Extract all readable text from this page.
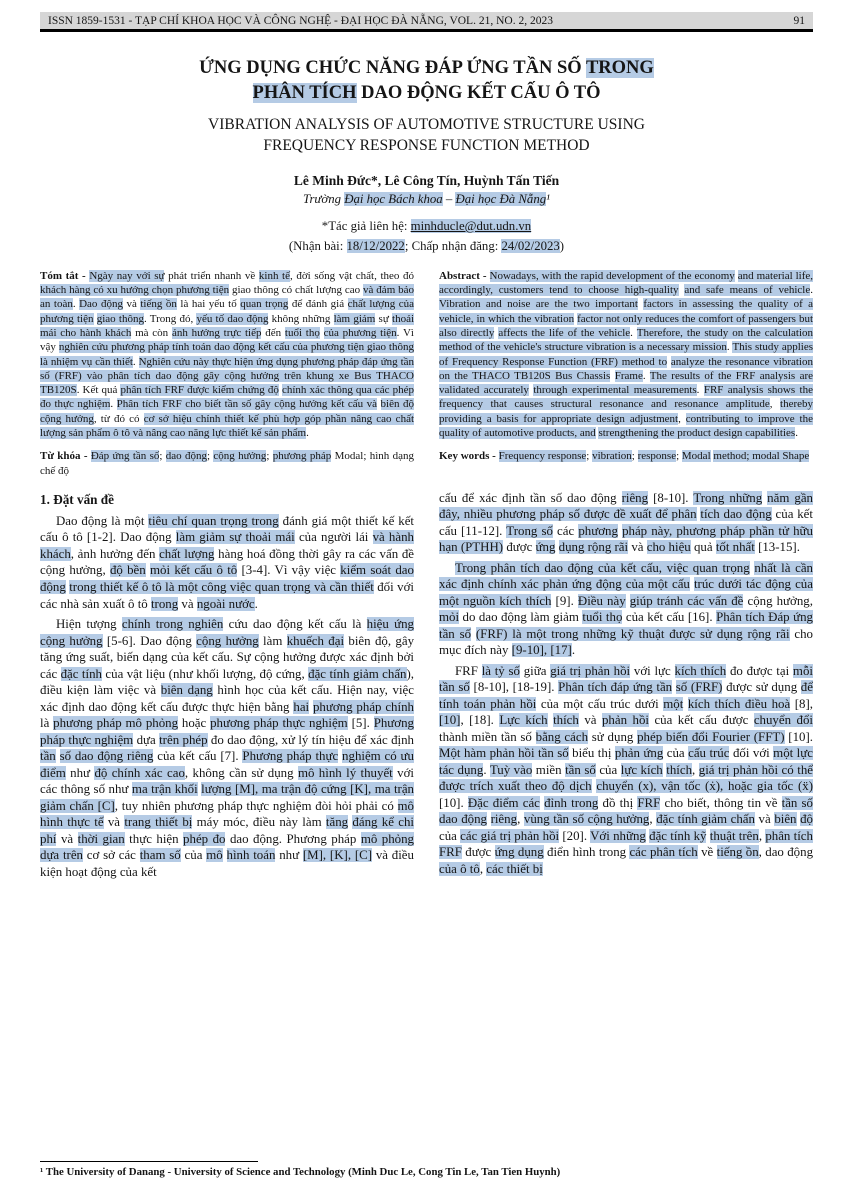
ISSN 1859-1531 - TẠP CHÍ KHOA HỌC VÀ CÔNG NGHỆ - ĐẠI HỌC ĐÀ NẴNG, VOL. 21, NO. 2, 2023	91
ỨNG DỤNG CHỨC NĂNG ĐÁP ỨNG TẦN SỐ TRONG
PHÂN TÍCH DAO ĐỘNG KẾT CẤU Ô TÔ
VIBRATION ANALYSIS OF AUTOMOTIVE STRUCTURE USING
FREQUENCY RESPONSE FUNCTION METHOD
Lê Minh Đức*, Lê Công Tín, Huỳnh Tấn Tiến
Trường Đại học Bách khoa – Đại học Đà Nẵng¹
*Tác giả liên hệ: minhducle@dut.udn.vn
(Nhận bài: 18/12/2022; Chấp nhận đăng: 24/02/2023)

Tóm tắt - Ngày nay với sự phát triển nhanh về kinh tế, đời sống vật chất, theo đó khách hàng có xu hướng chọn phương tiện giao thông có chất lượng cao và đảm bảo an toàn. Dao động và tiếng ồn là hai yếu tố quan trọng để đánh giá chất lượng của phương tiện giao thông. Trong đó, yếu tố dao động không những làm giảm sự thoải mái cho hành khách mà còn ảnh hưởng trực tiếp đến tuổi thọ của phương tiện. Vì vậy nghiên cứu phương pháp tính toán dao động kết cấu của phương tiện giao thông là nhiệm vụ cần thiết. Nghiên cứu này thực hiện ứng dụng phương pháp đáp ứng tần số (FRF) vào phân tích dao động gây cộng hưởng trên khung xe Bus THACO TB120S. Kết quả phân tích FRF được kiểm chứng độ chính xác thông qua các phép đo thực nghiệm. Phân tích FRF cho biết tần số gây cộng hưởng kết cấu và biên độ cộng hưởng, từ đó có cơ sở hiệu chỉnh thiết kế phù hợp góp phần nâng cao chất lượng sản phẩm ô tô và nâng cao năng lực thiết kế sản phẩm.

Từ khóa - Đáp ứng tần số; dao động; cộng hưởng; phương pháp Modal; hình dạng chế độ

1. Đặt vấn đề

Dao động là một tiêu chí quan trọng trong đánh giá một thiết kế kết cấu ô tô [1-2]. Dao động làm giảm sự thoải mái của người lái và hành khách, ảnh hưởng đến chất lượng hàng hoá đồng thời gây ra các vấn đề cộng hưởng, độ bền mỏi kết cấu ô tô [3-4]. Vì vậy việc kiểm soát dao động trong thiết kế ô tô là một công việc quan trọng và cần thiết đối với các nhà sản xuất ô tô trong và ngoài nước.

Hiện tượng chính trong nghiên cứu dao động kết cấu là hiệu ứng cộng hưởng [5-6]. Dao động cộng hưởng làm khuếch đại biên độ, gây tăng ứng suất, biến dạng của kết cấu. Sự cộng hưởng được xác định bởi các đặc tính của vật liệu (như khối lượng, độ cứng, đặc tính giảm chấn), điều kiện làm việc và biên dạng hình học của kết cấu. Hiện nay, việc xác định dao động kết cấu được thực hiện bằng hai phương pháp chính là phương pháp mô phỏng hoặc phương pháp thực nghiệm [5]. Phương pháp thực nghiệm dựa trên phép đo dao động, xử lý tín hiệu để xác định tần số dao động riêng của kết cấu [7]. Phương pháp thực nghiệm có ưu điểm như độ chính xác cao, không cần sử dụng mô hình lý thuyết với các thông số như ma trận khối lượng [M], ma trận độ cứng [K], ma trận giảm chấn [C], tuy nhiên phương pháp thực nghiệm đòi hỏi phải có mô hình thực tế và trang thiết bị máy móc, điều này làm tăng đáng kể chi phí và thời gian thực hiện phép đo dao động. Phương pháp mô phỏng dựa trên cơ sở các tham số của mô hình toán như [M], [K], [C] và điều kiện hoạt động của kết

Abstract - Nowadays, with the rapid development of the economy and material life, accordingly, customers tend to choose high-quality and safe means of vehicle. Vibration and noise are the two important factors in assessing the quality of a vehicle, in which the vibration factor not only reduces the comfort of passengers but also directly affects the life of the vehicle. Therefore, the study on the calculation method of the vehicle's structure vibration is a necessary mission. This study applies of Frequency Response Function (FRF) method to analyze the resonance vibration on the THACO TB120S Bus Chassis Frame. The results of the FRF analysis are validated accurately through experimental measurements. FRF analysis shows the frequency that causes structural resonance and resonance amplitude, thereby providing a basis for appropriate design adjustment, contributing to improve the quality of automotive products, and strengthening the product design capabilities.

Key words - Frequency response; vibration; response; Modal method; modal Shape

cấu để xác định tần số dao động riêng [8-10]. Trong những năm gần đây, nhiều phương pháp số được đề xuất để phân tích dao động của kết cấu [11-12]. Trong số các phương pháp này, phương pháp phần tử hữu hạn (PTHH) được ứng dụng rộng rãi và cho hiệu quả tốt nhất [13-15].

Trong phân tích dao động của kết cấu, việc quan trọng nhất là cần xác định chính xác phản ứng động của một cấu trúc dưới tác động của một nguồn kích thích [9]. Điều này giúp tránh các vấn đề cộng hưởng, mỏi do dao động làm giảm tuổi thọ của kết cấu [16]. Phân tích Đáp ứng tần số (FRF) là một trong những kỹ thuật được sử dụng rộng rãi cho mục đích này [9-10], [17].

FRF là tỷ số giữa giá trị phản hồi với lực kích thích đo được tại mỗi tần số [8-10], [18-19]. Phân tích đáp ứng tần số (FRF) được sử dụng để tính toán phản hồi của một cấu trúc dưới một kích thích điều hoà [8], [10], [18]. Lực kích thích và phản hồi của kết cấu được chuyển đổi thành miền tần số bằng cách sử dụng phép biến đổi Fourier (FFT) [10]. Một hàm phản hồi tần số biểu thị phản ứng của cấu trúc đối với một lực tác dụng. Tuỳ vào miền tần số của lực kích thích, giá trị phản hồi có thể được trích xuất theo độ dịch chuyển (x), vận tốc (ẋ), hoặc gia tốc (ẍ) [10]. Đặc điểm các đỉnh trong đồ thị FRF cho biết, thông tin về tần số dao động riêng, vùng tần số cộng hưởng, đặc tính giảm chấn và biên độ của các giá trị phản hồi [20]. Với những đặc tính kỹ thuật trên, phân tích FRF được ứng dụng điển hình trong các phân tích về tiếng ồn, dao động của ô tô, các thiết bị

¹ The University of Danang - University of Science and Technology (Minh Duc Le, Cong Tin Le, Tan Tien Huynh)
